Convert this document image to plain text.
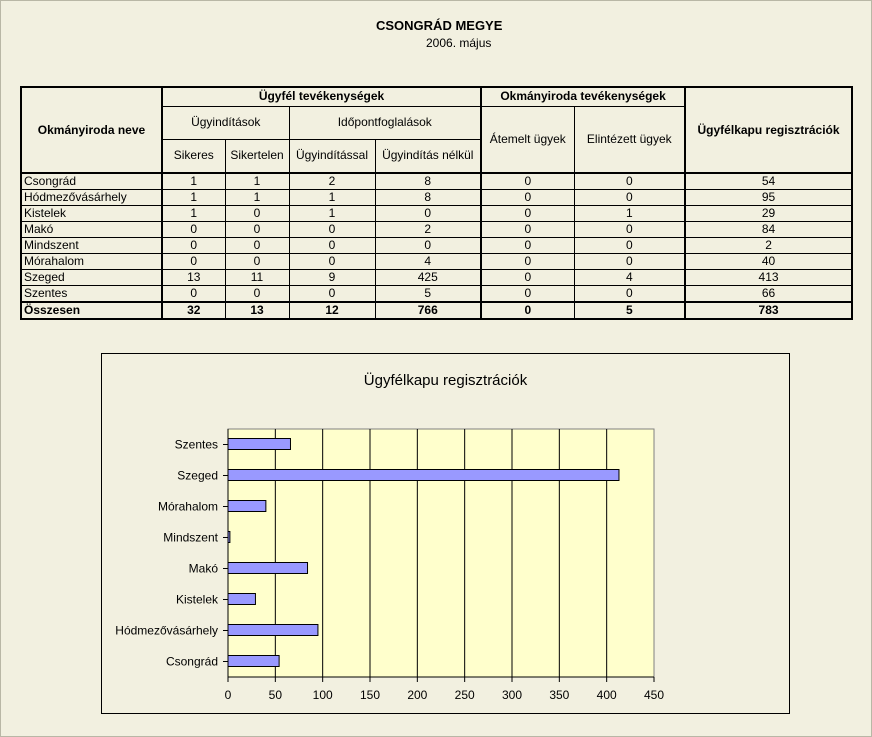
CSONGRÁD MEGYE
2006. május
Okmányiroda neve	Ügyfél tevékenységek				Okmányiroda tevékenységek		Ügyfélkapu regisztrációk
	Ügyindítások		Időpontfoglalások		Átemelt ügyek	Elintézett ügyek	
	Sikeres	Sikertelen	Ügyindítással	Ügyindítás nélkül			
Csongrád	1	1	2	8	0	0	54
Hódmezővásárhely	1	1	1	8	0	0	95
Kistelek	1	0	1	0	0	1	29
Makó	0	0	0	2	0	0	84
Mindszent	0	0	0	0	0	0	2
Mórahalom	0	0	0	4	0	0	40
Szeged	13	11	9	425	0	4	413
Szentes	0	0	0	5	0	0	66
Összesen	32	13	12	766	0	5	783
Ügyfélkapu regisztrációk
0	50	100 150 200 250 300 350 400 450
Szentes
Szeged
Mórahalom
Mindszent
Makó
Kistelek
Hódmezővásárhely
Csongrád
